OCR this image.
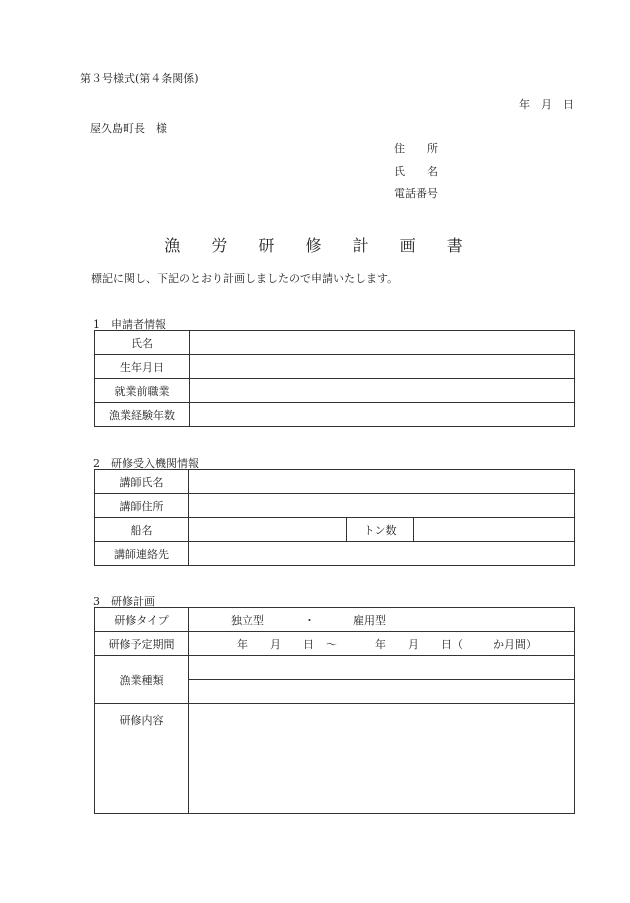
第３号様式(第４条関係)
年　月　日
屋久島町長　様
住　　所
氏　　名
電話番号
漁 労 研 修 計 画 書
標記に関し、下記のとおり計画しましたので申請いたします。
1　申請者情報
氏名	
生年月日	
就業前職業	
漁業経験年数	
2　研修受入機関情報
講師氏名			
講師住所			
船名		トン数	
講師連絡先			
3　研修計画
研修タイプ	独立型 ・ 雇用型
研修予定期間	年 月 日 ～ 年 月 日（ か月間）
漁業種類	

研修内容	
